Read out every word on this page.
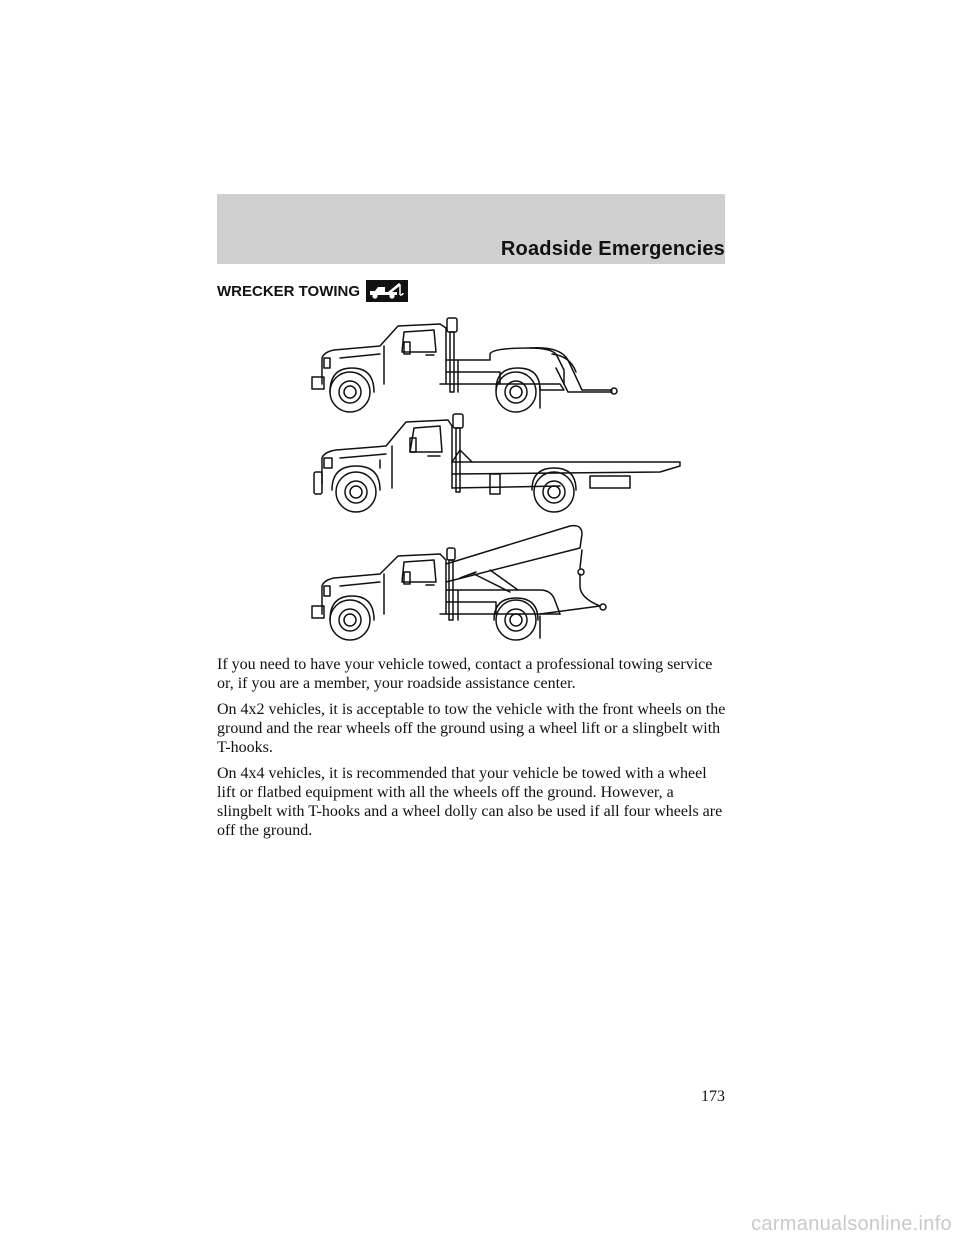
Roadside Emergencies
WRECKER TOWING

If you need to have your vehicle towed, contact a professional towing service or, if you are a member, your roadside assistance center.

On 4x2 vehicles, it is acceptable to tow the vehicle with the front wheels on the ground and the rear wheels off the ground using a wheel lift or a slingbelt with T-hooks.

On 4x4 vehicles, it is recommended that your vehicle be towed with a wheel lift or flatbed equipment with all the wheels off the ground. However, a slingbelt with T-hooks and a wheel dolly can also be used if all four wheels are off the ground.

173
carmanualsonline.info
